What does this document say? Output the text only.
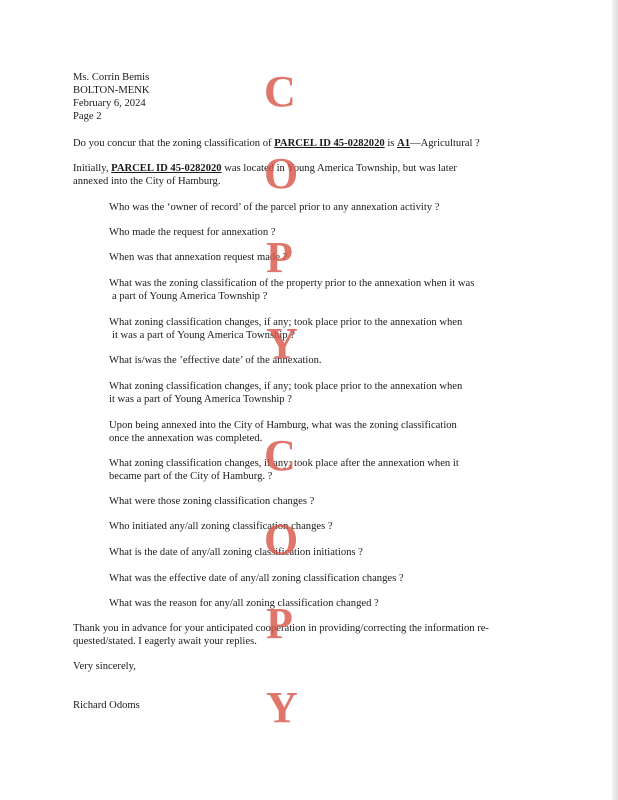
Ms. Corrin Bemis
BOLTON-MENK
February 6, 2024
Page 2
Do you concur that the zoning classification of PARCEL ID 45-0282020 is A1—Agricultural ?
Initially, PARCEL ID 45-0282020 was located in Young America Township, but was later
annexed into the City of Hamburg.
Who was the ‘owner of record’ of the parcel prior to any annexation activity ?
Who made the request for annexation ?
When was that annexation request made ?
What was the zoning classification of the property prior to the annexation when it was
a part of Young America Township ?
What zoning classification changes, if any; took place prior to the annexation when
it was a part of Young America Township ?
What is/was the ’effective date’ of the annexation.
What zoning classification changes, if any; took place prior to the annexation when
it was a part of Young America Township ?
Upon being annexed into the City of Hamburg, what was the zoning classification
once the annexation was completed.
What zoning classification changes, if any; took place after the annexation when it
became part of the City of Hamburg. ?
What were those zoning classification changes ?
Who initiated any/all zoning classification changes ?
What is the date of any/all zoning classification initiations ?
What was the effective date of any/all zoning classification changes ?
What was the reason for any/all zoning classification changed ?
Thank you in advance for your anticipated cooperation in providing/correcting the information re-
quested/stated. I eagerly await your replies.
Very sincerely,
Richard Odoms
C
O
P
Y
C
O
P
Y
